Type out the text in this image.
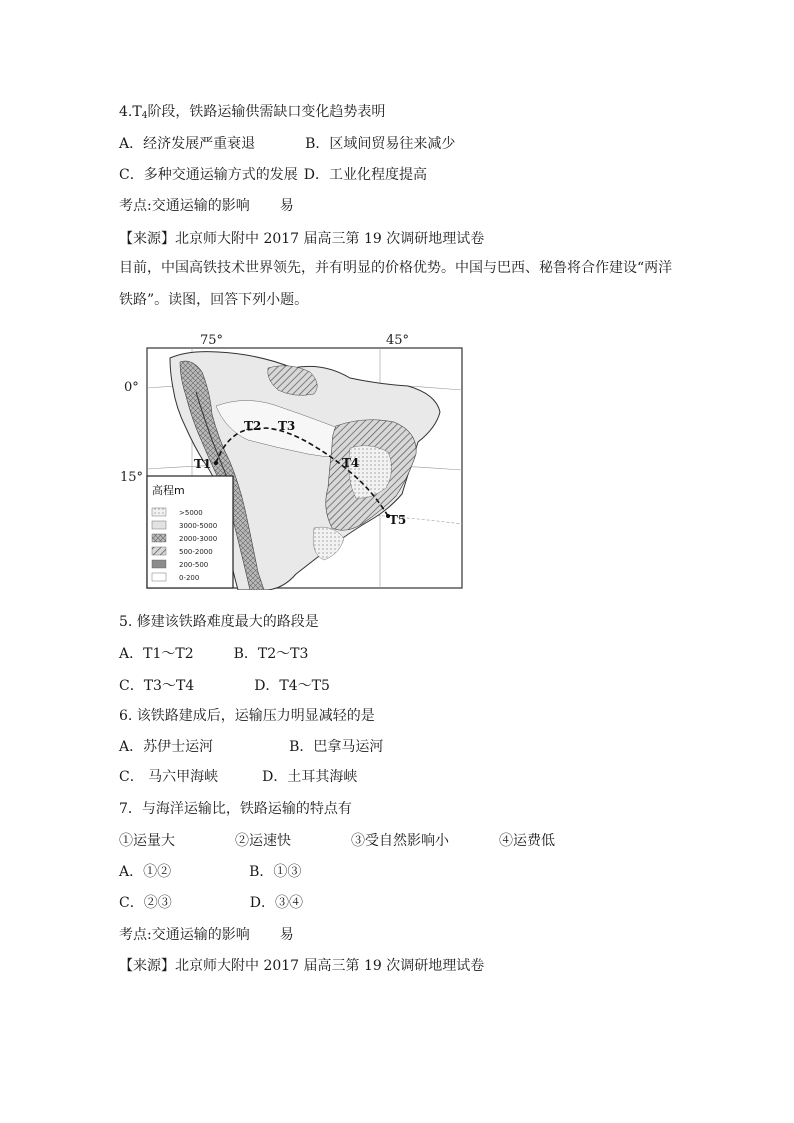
$4.T_4$阶段，铁路运输供需缺口变化趋势表明
A．经济发展严重衰退	B．区域间贸易往来减少
C．多种交通运输方式的发展 D．工业化程度提高
考点:交通运输的影响 易
【来源】北京师大附中 2017 届高三第 19 次调研地理试卷
目前，中国高铁技术世界领先，并有明显的价格优势。中国与巴西、秘鲁将合作建设“两洋
铁路”。读图，回答下列小题。
T1
T2 T3
T4
T5
75°	45°
0°
15°
高程m
>5000
3000-5000
2000-3000
500-2000
200-500
0-200
5. 修建该铁路难度最大的路段是
A．T1～T2	B．T2～T3
C．T3～T4	D．T4～T5
6. 该铁路建成后，运输压力明显减轻的是
A．苏伊士运河	B．巴拿马运河
C． 马六甲海峡	D．土耳其海峡
7．与海洋运输比，铁路运输的特点有
①运量大	②运速快	③受自然影响小	④运费低
A．①②	B．①③
C．②③	D．③④
考点:交通运输的影响 易
【来源】北京师大附中 2017 届高三第 19 次调研地理试卷
